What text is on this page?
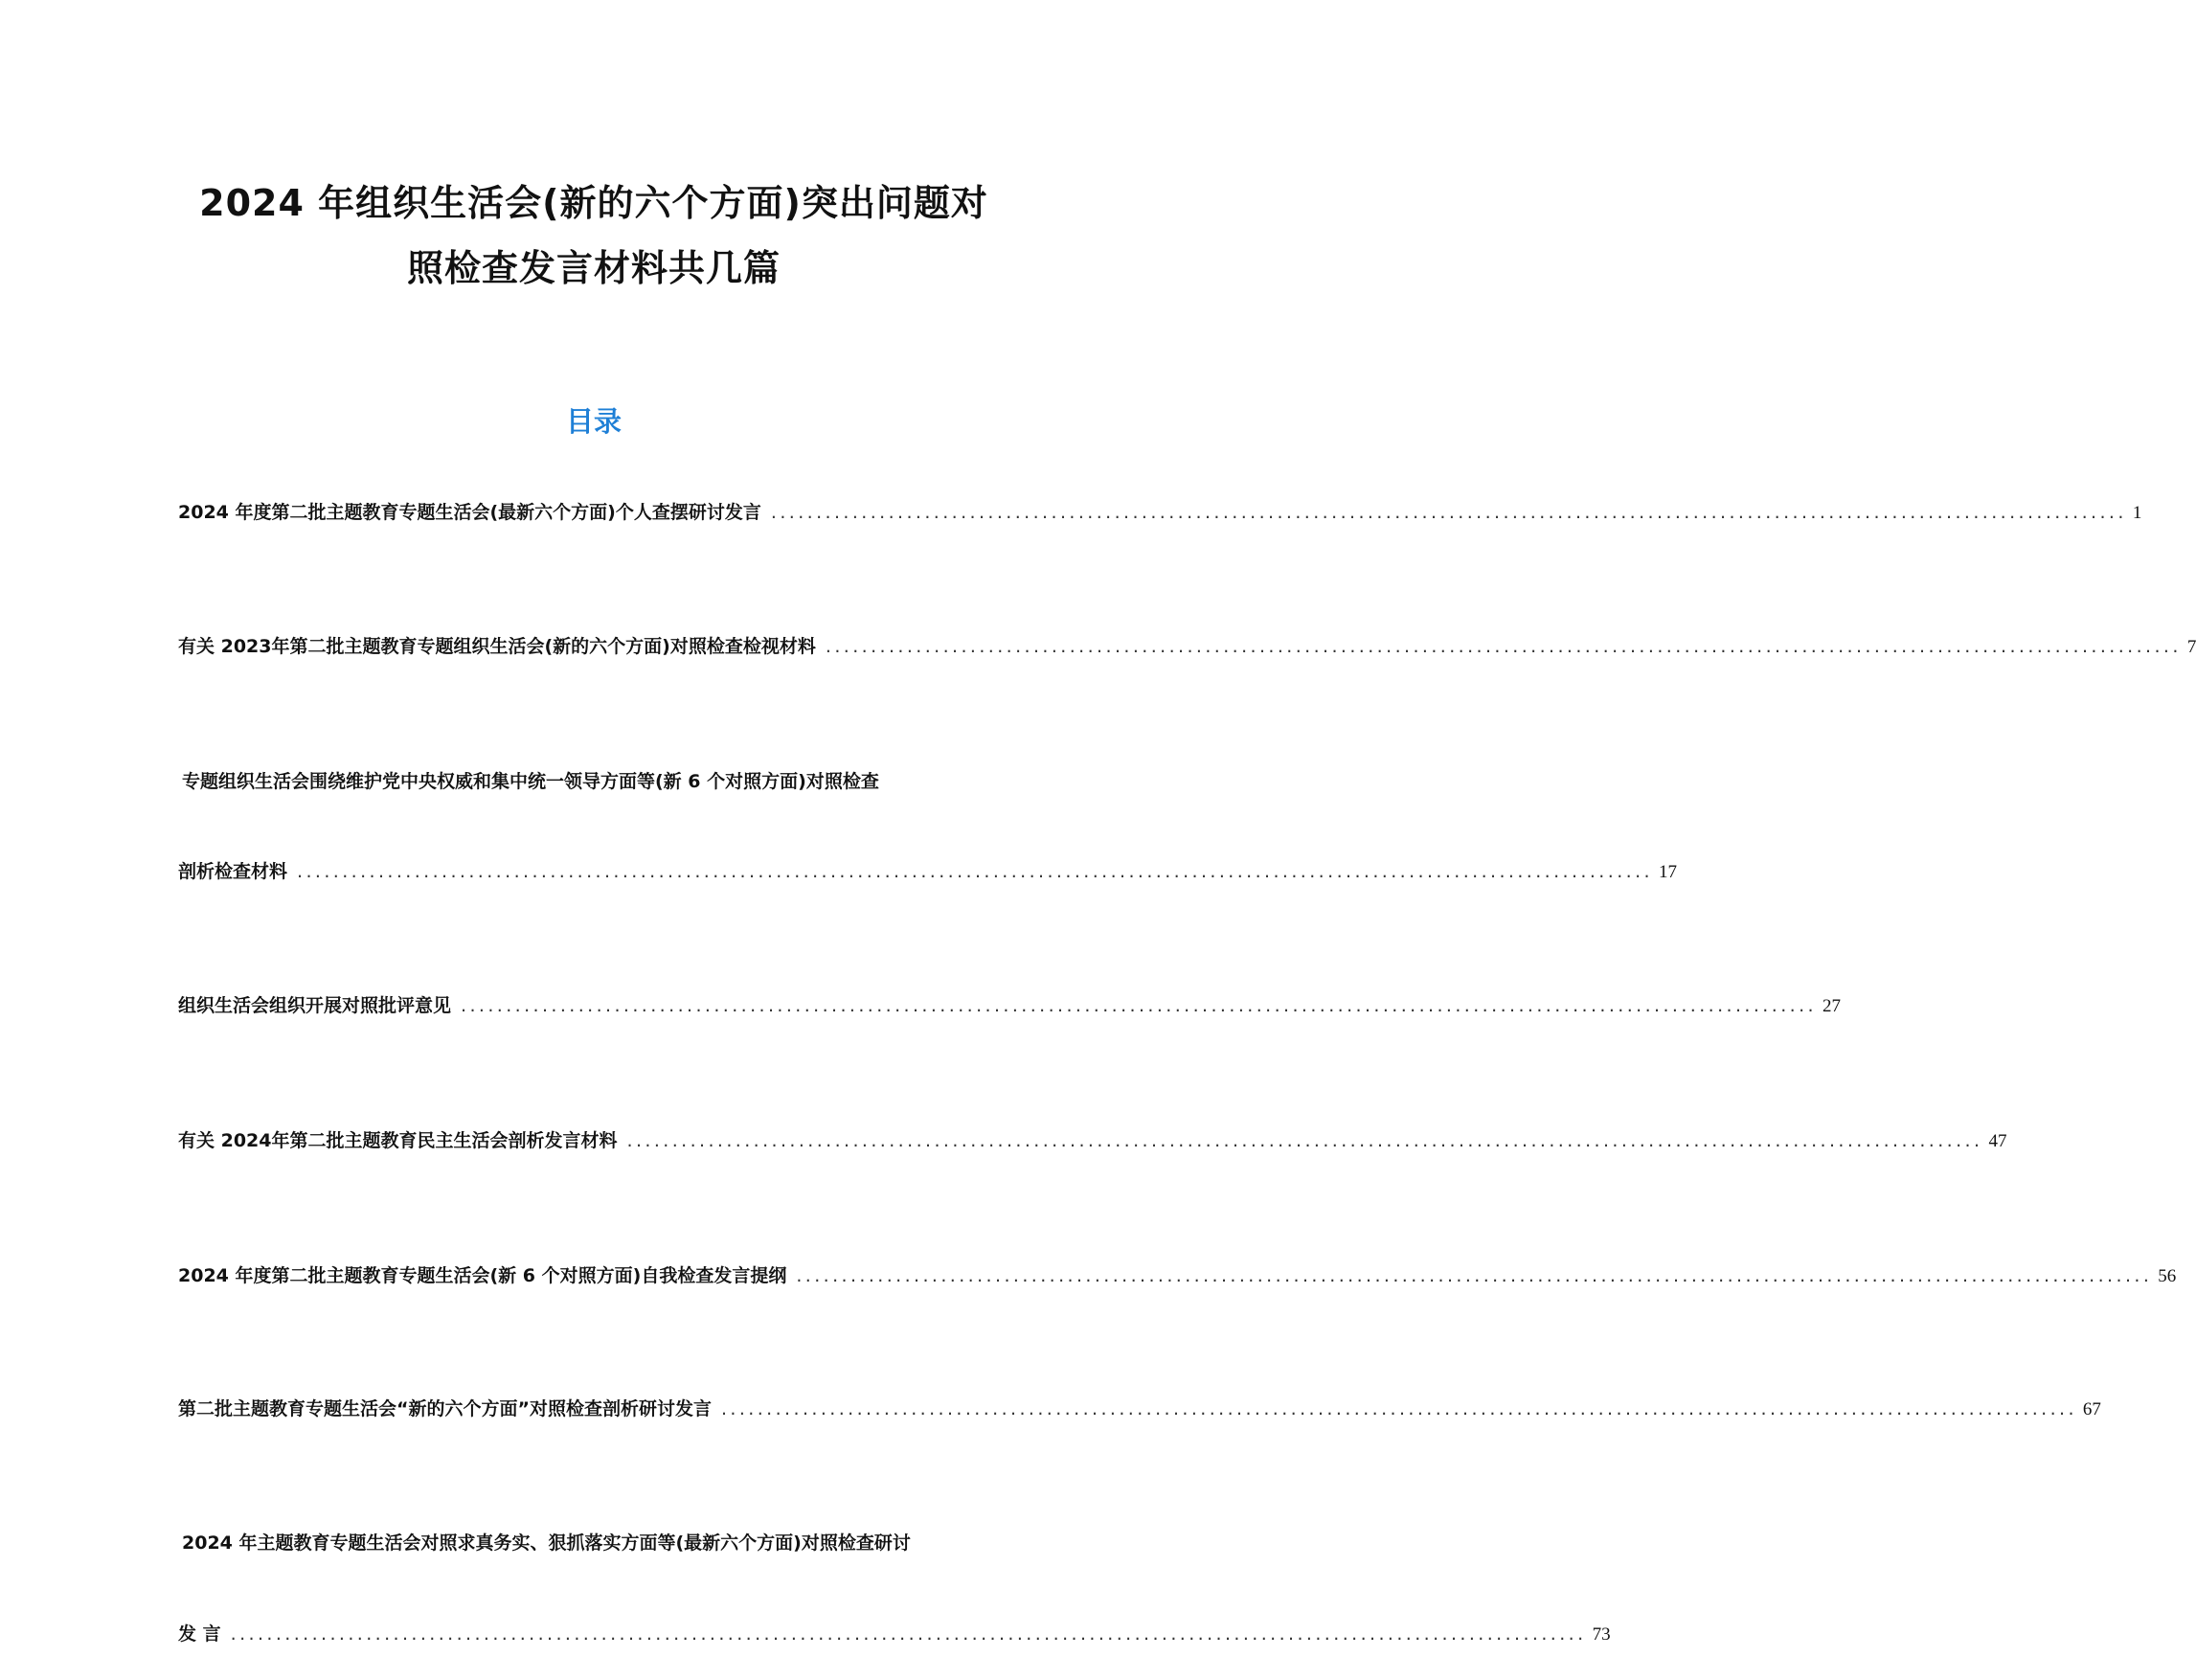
2024 年组织生活会(新的六个方面)突出问题对
照检查发言材料共几篇
目录
2024 年度第二批主题教育专题生活会(最新六个方面)个人查摆研讨发言 ...................................................................................................................................................... 1
有关 2023年第二批主题教育专题组织生活会(新的六个方面)对照检查检视材料 ...................................................................................................................................................... 7
专题组织生活会围绕维护党中央权威和集中统一领导方面等(新 6 个对照方面)对照检查
剖析检查材料 ...................................................................................................................................................... 17
组织生活会组织开展对照批评意见 ...................................................................................................................................................... 27
有关 2024年第二批主题教育民主生活会剖析发言材料 ...................................................................................................................................................... 47
2024 年度第二批主题教育专题生活会(新 6 个对照方面)自我检查发言提纲 ...................................................................................................................................................... 56
第二批主题教育专题生活会“新的六个方面”对照检查剖析研讨发言 ...................................................................................................................................................... 67
2024 年主题教育专题生活会对照求真务实、狠抓落实方面等(最新六个方面)对照检查研讨
发 言 ...................................................................................................................................................... 73
